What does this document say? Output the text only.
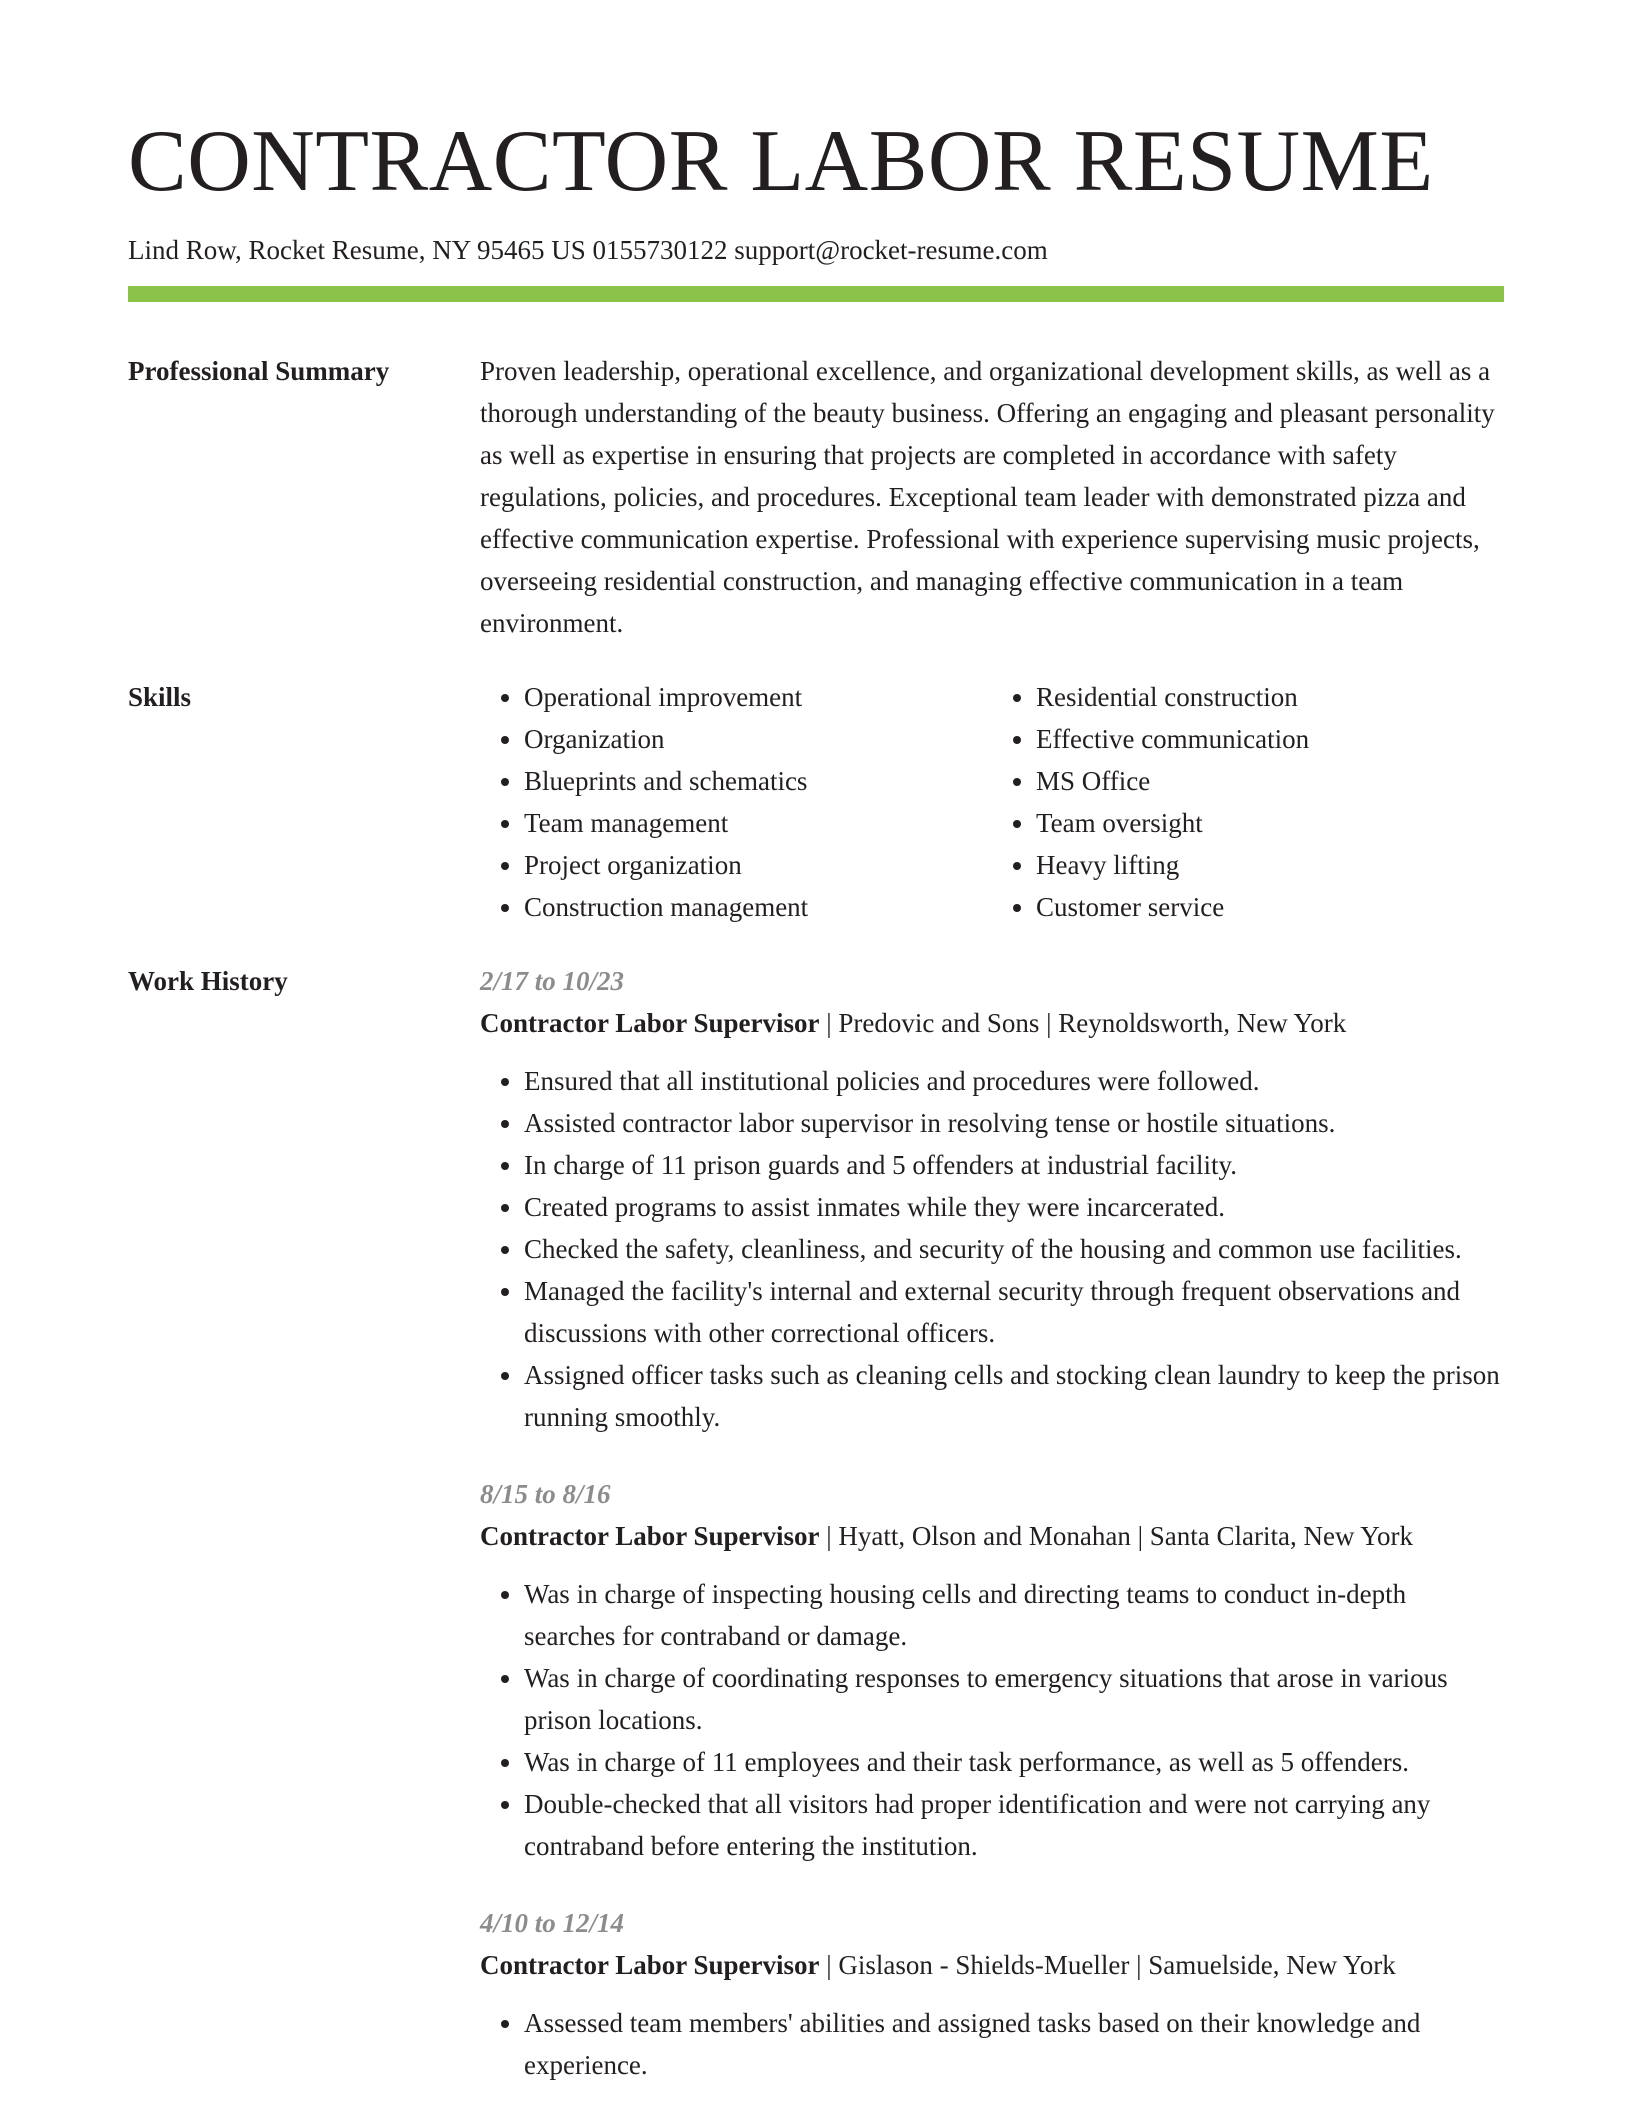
CONTRACTOR LABOR RESUME
Lind Row, Rocket Resume, NY 95465 US 0155730122 support@rocket-resume.com
Professional Summary	Proven leadership, operational excellence, and organizational development skills, as well as a thorough understanding of the beauty business. Offering an engaging and pleasant personality as well as expertise in ensuring that projects are completed in accordance with safety regulations, policies, and procedures. Exceptional team leader with demonstrated pizza and effective communication expertise. Professional with experience supervising music projects, overseeing residential construction, and managing effective communication in a team environment.

Skills
•	Operational improvement
• Organization
• Blueprints and schematics
• Team management
• Project organization
• Construction management
• Residential construction
• Effective communication
• MS Office
• Team oversight
• Heavy lifting
• Customer service
Work History	2/17 to 10/23
Contractor Labor Supervisor | Predovic and Sons | Reynoldsworth, New York
• Ensured that all institutional policies and procedures were followed.
• Assisted contractor labor supervisor in resolving tense or hostile situations.
• In charge of 11 prison guards and 5 offenders at industrial facility.
• Created programs to assist inmates while they were incarcerated.
• Checked the safety, cleanliness, and security of the housing and common use facilities.
• Managed the facility's internal and external security through frequent observations and discussions with other correctional officers.
• Assigned officer tasks such as cleaning cells and stocking clean laundry to keep the prison running smoothly.
8/15 to 8/16
Contractor Labor Supervisor | Hyatt, Olson and Monahan | Santa Clarita, New York
• Was in charge of inspecting housing cells and directing teams to conduct in-depth searches for contraband or damage.
• Was in charge of coordinating responses to emergency situations that arose in various prison locations.
• Was in charge of 11 employees and their task performance, as well as 5 offenders.
• Double-checked that all visitors had proper identification and were not carrying any contraband before entering the institution.
4/10 to 12/14
Contractor Labor Supervisor | Gislason - Shields-Mueller | Samuelside, New York
• Assessed team members' abilities and assigned tasks based on their knowledge and experience.
